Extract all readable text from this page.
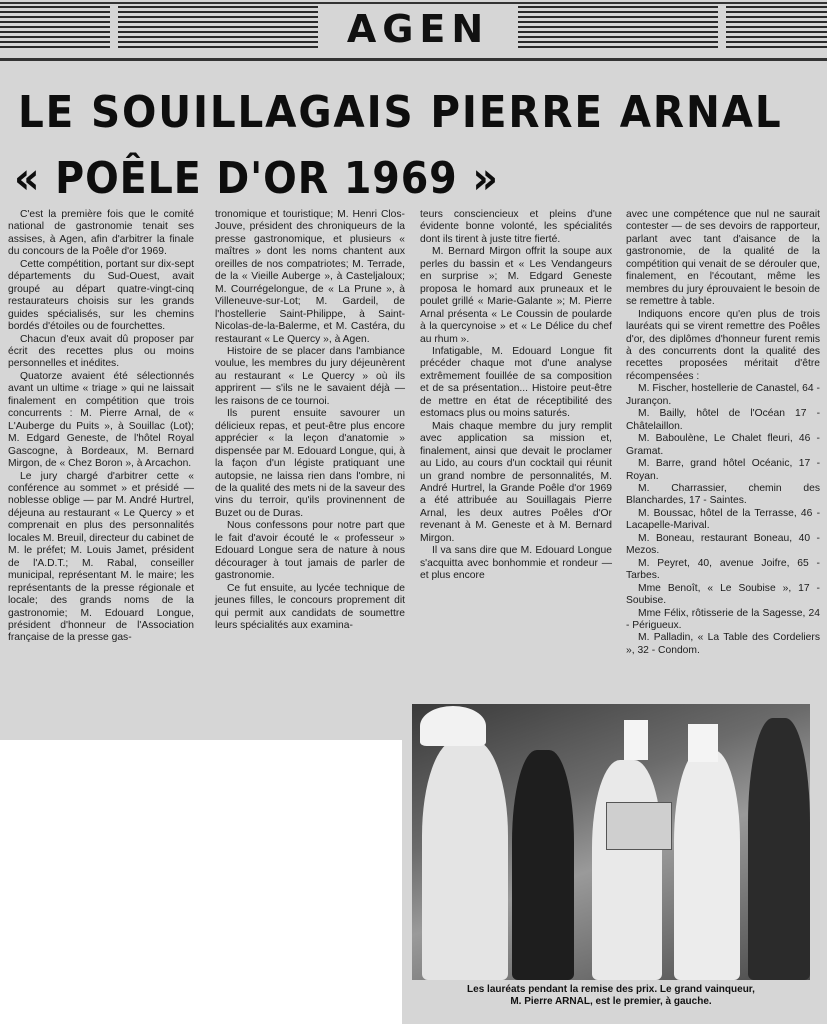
AGEN
LE SOUILLAGAIS PIERRE ARNAL
« POÊLE D'OR 1969 »

C'est la première fois que le comité national de gastronomie tenait ses assises, à Agen, afin d'arbitrer la finale du concours de la Poêle d'or 1969.

Cette compétition, portant sur dix-sept départements du Sud-Ouest, avait groupé au départ quatre-vingt-cinq restaurateurs choisis sur les grands guides spécialisés, sur les chemins bordés d'étoiles ou de fourchettes.

Chacun d'eux avait dû proposer par écrit des recettes plus ou moins personnelles et inédites.

Quatorze avaient été sélectionnés avant un ultime « triage » qui ne laissait finalement en compétition que trois concurrents : M. Pierre Arnal, de « L'Auberge du Puits », à Souillac (Lot); M. Edgard Geneste, de l'hôtel Royal Gascogne, à Bordeaux, M. Bernard Mirgon, de « Chez Boron », à Arcachon.

Le jury chargé d'arbitrer cette « conférence au sommet » et présidé — noblesse oblige — par M. André Hurtrel, déjeuna au restaurant « Le Quercy » et comprenait en plus des personnalités locales M. Breuil, directeur du cabinet de M. le préfet; M. Louis Jamet, président de l'A.D.T.; M. Rabal, conseiller municipal, représentant M. le maire; les représentants de la presse régionale et locale; des grands noms de la gastronomie; M. Edouard Longue, président d'honneur de l'Association française de la presse gas-

tronomique et touristique; M. Henri Clos-Jouve, président des chroniqueurs de la presse gastronomique, et plusieurs « maîtres » dont les noms chantent aux oreilles de nos compatriotes; M. Terrade, de la « Vieille Auberge », à Casteljaloux; M. Courrégelongue, de « La Prune », à Villeneuve-sur-Lot; M. Gardeil, de l'hostellerie Saint-Philippe, à Saint-Nicolas-de-la-Balerme, et M. Castéra, du restaurant « Le Quercy », à Agen.

Histoire de se placer dans l'ambiance voulue, les membres du jury déjeunèrent au restaurant « Le Quercy » où ils apprirent — s'ils ne le savaient déjà — les raisons de ce tournoi.

Ils purent ensuite savourer un délicieux repas, et peut-être plus encore apprécier « la leçon d'anatomie » dispensée par M. Edouard Longue, qui, à la façon d'un légiste pratiquant une autopsie, ne laissa rien dans l'ombre, ni de la qualité des mets ni de la saveur des vins du terroir, qu'ils provinennent de Buzet ou de Duras.

Nous confessons pour notre part que le fait d'avoir écouté le « professeur » Edouard Longue sera de nature à nous décourager à tout jamais de parler de gastronomie.

Ce fut ensuite, au lycée technique de jeunes filles, le concours proprement dit qui permit aux candidats de soumettre leurs spécialités aux examina-

teurs consciencieux et pleins d'une évidente bonne volonté, les spécialités dont ils tirent à juste titre fierté.

M. Bernard Mirgon offrit la soupe aux perles du bassin et « Les Vendangeurs en surprise »; M. Edgard Geneste proposa le homard aux pruneaux et le poulet grillé « Marie-Galante »; M. Pierre Arnal présenta « Le Coussin de poularde à la quercynoise » et « Le Délice du chef au rhum ».

Infatigable, M. Edouard Longue fit précéder chaque mot d'une analyse extrêmement fouillée de sa composition et de sa présentation... Histoire peut-être de mettre en état de réceptibilité des estomacs plus ou moins saturés.

Mais chaque membre du jury remplit avec application sa mission et, finalement, ainsi que devait le proclamer au Lido, au cours d'un cocktail qui réunit un grand nombre de personnalités, M. André Hurtrel, la Grande Poêle d'or 1969 a été attribuée au Souillagais Pierre Arnal, les deux autres Poêles d'Or revenant à M. Geneste et à M. Bernard Mirgon.

Il va sans dire que M. Edouard Longue s'acquitta avec bonhommie et rondeur — et plus encore

avec une compétence que nul ne saurait contester — de ses devoirs de rapporteur, parlant avec tant d'aisance de la gastronomie, de la qualité de la compétition qui venait de se dérouler que, finalement, en l'écoutant, même les membres du jury éprouvaient le besoin de se remettre à table.

Indiquons encore qu'en plus de trois lauréats qui se virent remettre des Poêles d'or, des diplômes d'honneur furent remis à des concurrents dont la qualité des recettes proposées méritait d'être récompensées :

M. Fischer, hostellerie de Canastel, 64 - Jurançon.

M. Bailly, hôtel de l'Océan 17 - Châtelaillon.

M. Baboulène, Le Chalet fleuri, 46 - Gramat.

M. Barre, grand hôtel Océanic, 17 - Royan.

M. Charrassier, chemin des Blanchardes, 17 - Saintes.

M. Boussac, hôtel de la Terrasse, 46 - Lacapelle-Marival.

M. Boneau, restaurant Boneau, 40 - Mezos.

M. Peyret, 40, avenue Joifre, 65 - Tarbes.

Mme Benoît, « Le Soubise », 17 - Soubise.

Mme Félix, rôtisserie de la Sagesse, 24 - Périgueux.

M. Palladin, « La Table des Cordeliers », 32 - Condom.

Les lauréats pendant la remise des prix. Le grand vainqueur,
M. Pierre ARNAL, est le premier, à gauche.
